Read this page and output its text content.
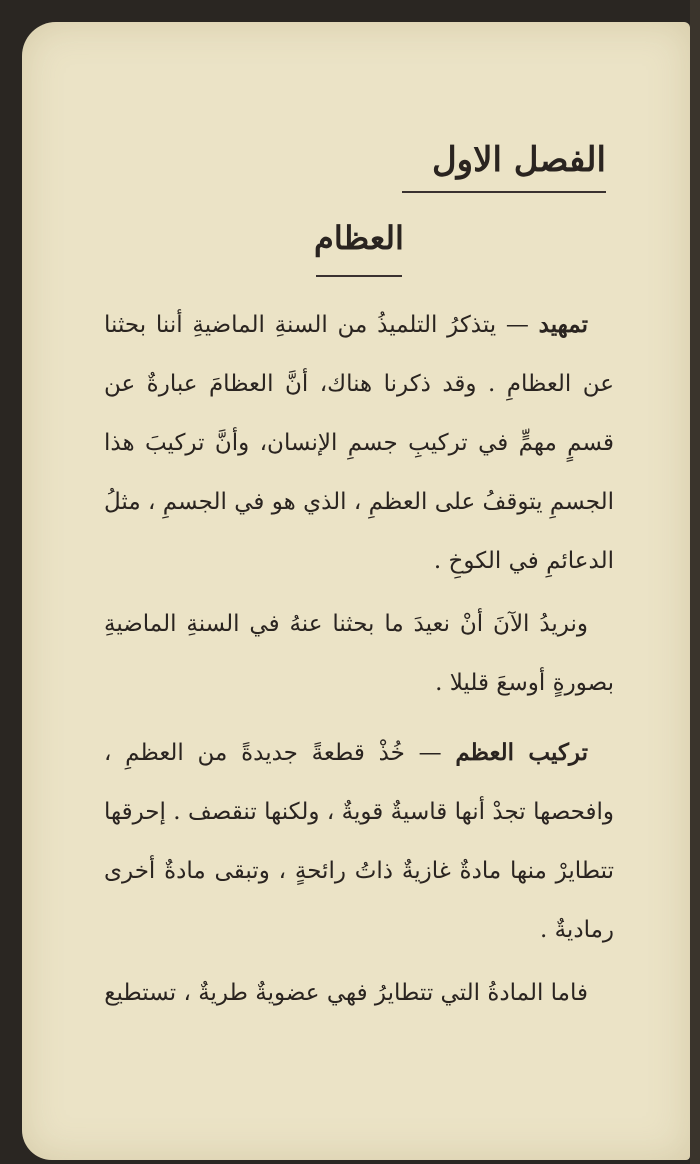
الفصل الاول
العظام

تمهيد — يتذكرُ التلميذُ من السنةِ الماضيةِ أننا بحثنا عن العظامِ . وقد ذكرنا هناك، أنَّ العظامَ عبارةٌ عن قسمٍ مهمٍّ في تركيبِ جسمِ الإنسان، وأنَّ تركيبَ هذا الجسمِ يتوقفُ على العظمِ ، الذي هو في الجسمِ ، مثلُ الدعائمِ في الكوخِ .

ونريدُ الآنَ أنْ نعيدَ ما بحثنا عنهُ في السنةِ الماضيةِ بصورةٍ أوسعَ قليلا .

تركيب العظم — خُذْ قطعةً جديدةً من العظمِ ، وافحصها تجدْ أنها قاسيةٌ قويةٌ ، ولكنها تنقصف . إحرقها تتطايرْ منها مادةٌ غازيةٌ ذاتُ رائحةٍ ، وتبقى مادةٌ أخرى رماديةٌ .

فاما المادةُ التي تتطايرُ فهي عضويةٌ طريةٌ ، تستطيع
